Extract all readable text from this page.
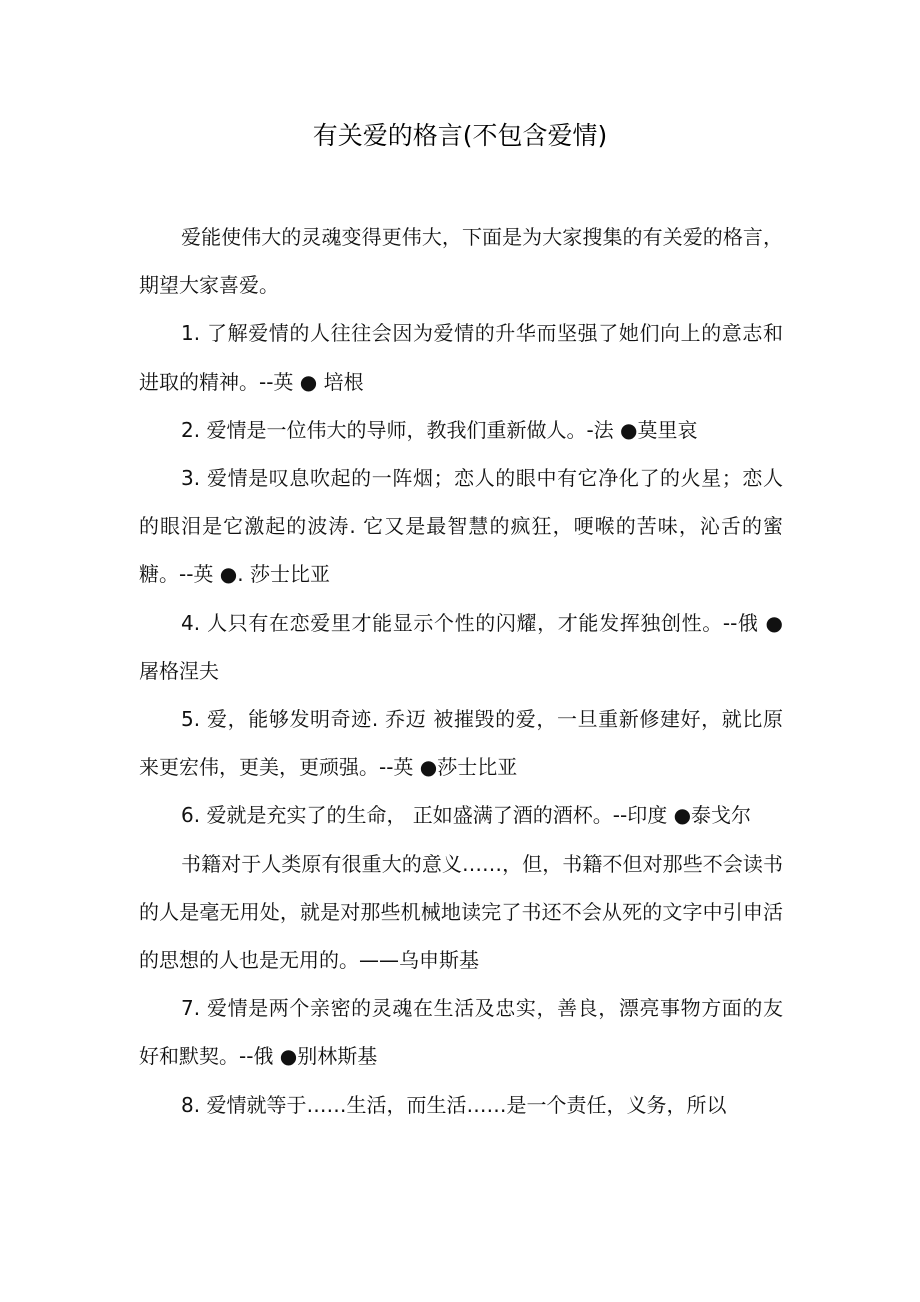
有关爱的格言(不包含爱情)

爱能使伟大的灵魂变得更伟大，下面是为大家搜集的有关爱的格言，期望大家喜爱。

1. 了解爱情的人往往会因为爱情的升华而坚强了她们向上的意志和进取的精神。--英 ● 培根

2. 爱情是一位伟大的导师，教我们重新做人。-法 ●莫里哀

3. 爱情是叹息吹起的一阵烟；恋人的眼中有它净化了的火星；恋人的眼泪是它激起的波涛. 它又是最智慧的疯狂，哽喉的苦味，沁舌的蜜糖。--英 ●. 莎士比亚

4. 人只有在恋爱里才能显示个性的闪耀，才能发挥独创性。--俄 ●屠格涅夫

5. 爱，能够发明奇迹. 乔迈 被摧毁的爱，一旦重新修建好，就比原来更宏伟，更美，更顽强。--英 ●莎士比亚

6. 爱就是充实了的生命， 正如盛满了酒的酒杯。--印度 ●泰戈尔

书籍对于人类原有很重大的意义……，但，书籍不但对那些不会读书的人是毫无用处，就是对那些机械地读完了书还不会从死的文字中引申活的思想的人也是无用的。——乌申斯基

7. 爱情是两个亲密的灵魂在生活及忠实，善良，漂亮事物方面的友好和默契。--俄 ●别林斯基

8. 爱情就等于……生活，而生活……是一个责任，义务，所以
